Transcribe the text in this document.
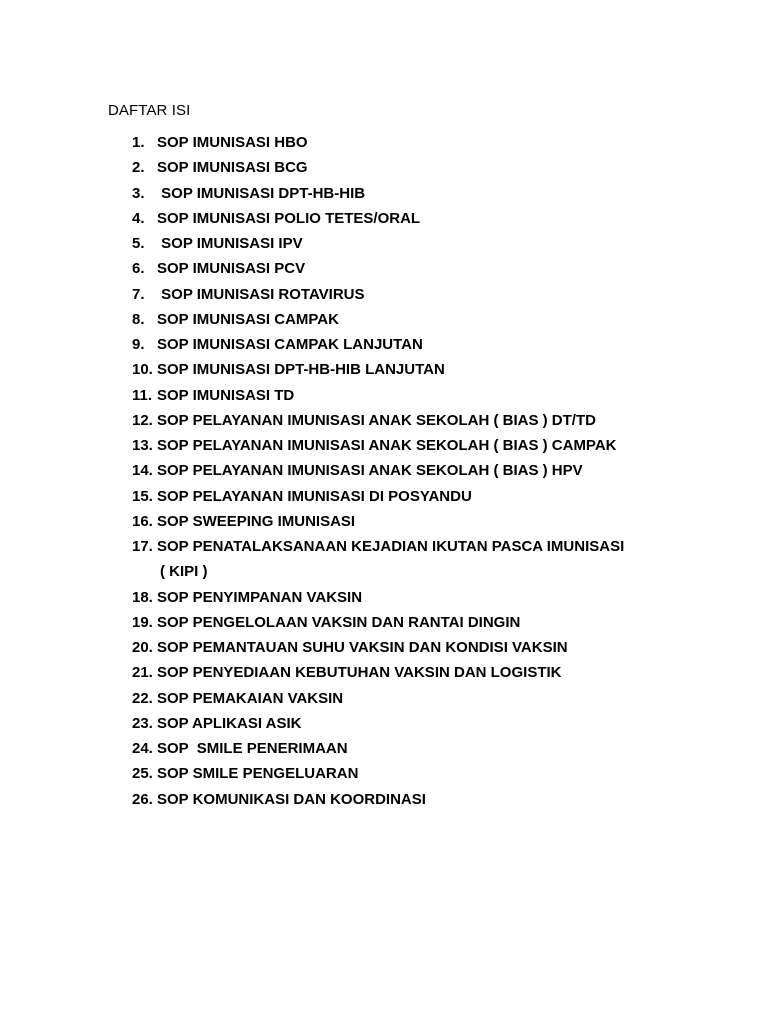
DAFTAR ISI
1. SOP IMUNISASI HBO
2. SOP IMUNISASI BCG
3. SOP IMUNISASI DPT-HB-HIB
4. SOP IMUNISASI POLIO TETES/ORAL
5. SOP IMUNISASI IPV
6. SOP IMUNISASI PCV
7. SOP IMUNISASI ROTAVIRUS
8. SOP IMUNISASI CAMPAK
9. SOP IMUNISASI CAMPAK LANJUTAN
10. SOP IMUNISASI DPT-HB-HIB LANJUTAN
11. SOP IMUNISASI TD
12. SOP PELAYANAN IMUNISASI ANAK SEKOLAH ( BIAS ) DT/TD
13. SOP PELAYANAN IMUNISASI ANAK SEKOLAH ( BIAS ) CAMPAK
14. SOP PELAYANAN IMUNISASI ANAK SEKOLAH ( BIAS ) HPV
15. SOP PELAYANAN IMUNISASI DI POSYANDU
16. SOP SWEEPING IMUNISASI
17. SOP PENATALAKSANAAN KEJADIAN IKUTAN PASCA IMUNISASI
( KIPI )
18. SOP PENYIMPANAN VAKSIN
19. SOP PENGELOLAAN VAKSIN DAN RANTAI DINGIN
20. SOP PEMANTAUAN SUHU VAKSIN DAN KONDISI VAKSIN
21. SOP PENYEDIAAN KEBUTUHAN VAKSIN DAN LOGISTIK
22. SOP PEMAKAIAN VAKSIN
23. SOP APLIKASI ASIK
24. SOP  SMILE PENERIMAAN
25. SOP SMILE PENGELUARAN
26. SOP KOMUNIKASI DAN KOORDINASI
